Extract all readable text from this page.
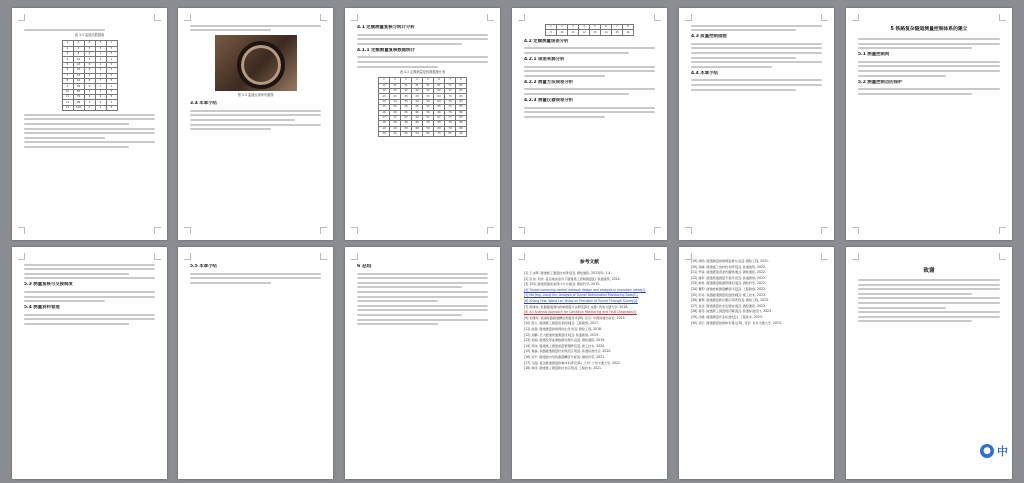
表 3.1 监测点数据表
1	0	6	3	1
2	3	5	5	3
3	6	4	1	5
4	10	1	2	1
5	18	8	1	3
6	25	3	7	1
7	33	4	4	5
8	44	8	7	3
9	59	9	1	3
10	68	1	1	3
11	79	4	9	5
12	89	3	4	3
13	100	4	1	5
图 3.3 监测点现场布置图
3.4 本章小结
4.1 定额测量复核与统计分析
4.1.1 定额测量复核数据统计
表 4.1 定额测量复核数据统计表
1	2	3	4	5	6	7	8
11	21	31	41	51	61	71	81
12	22	32	42	52	62	72	82
13	23	33	43	53	63	73	83
14	24	34	44	54	64	74	84
15	25	35	45	55	65	75	85
16	26	36	46	56	66	76	86
17	27	37	47	57	67	77	87
18	28	38	48	58	68	78	88
19	29	39	49	59	69	79	89
20	30	40	50	60	70	80	90
1	2	3	4	5	6	7	8
9	10	11	12	13	14	15	16
4.2 定额测量误差分析
4.2.1 误差来源分析
4.2.2 测量方法误差分析
4.2.3 测量仪器误差分析
4.3 质量控制措施
4.4 本章小结
5 铁路复杂隧道测量控制体系的建立
5.1 测量控制网
5.2 测量控制点的保护
5.3 测量复核与交接制度
5.4 测量资料管理
5.5 本章小结	6 总结
参考文献
[1] 王永辉. 隧道施工测量技术研究[J]. 测绘通报, 2012(5): 1-4.
[2] 张伟, 刘洋. 复杂地质条件下隧道施工控制测量[J]. 铁道建筑, 2014.
[3] 李明. 隧道贯通误差预计与分析[J]. 测绘科学, 2015.
[4] Tunnel surveying control network design and analysis in mountain areas[J].
[5] Ma Jing, Liang Xin. Analysis of Tunnel Deformation Monitoring Data[C].
[6] Zhang Hua, Wang Lei. Study on Precision of Tunnel Through Survey[J].
[7] 陈晓东. 铁路隧道洞内控制测量方法研究[D]. 成都: 西南交通大学, 2016.
[8] An Analysis Approach for Condition Monitoring and Fault Diagnosis[J].
[9] 刘建军. 高速铁路隧道精密测量技术[M]. 北京: 中国铁道出版社, 2013.
[10] 周立. 隧道施工测量误差控制[J]. 工程勘察, 2017.
[11] 赵强. 隧道测量控制网优化设计[J]. 测绘工程, 2018.
[12] 孙鹏. 长大隧道贯通测量技术[J]. 铁道勘察, 2019.
[13] 吴刚. 隧道变形监测数据处理方法[J]. 测绘通报, 2019.
[14] 郑伟. 隧道施工测量质量管理研究[J]. 施工技术, 2020.
[15] 黄磊. 铁路隧道测量技术规范应用[J]. 铁道标准设计, 2020.
[16] 何平. 隧道洞内导线测量精度分析[J]. 测绘科学, 2021.
[17] 马超. 复杂隧道测量控制体系研究[D]. 兰州: 兰州交通大学, 2021.
[18] 林涛. 隧道施工测量新技术应用[J]. 工程技术, 2021.
[19] 徐明. 隧道测量控制网复测方法[J]. 测绘工程, 2021.
[20] 高峰. 隧道施工放样技术研究[J]. 铁道建筑, 2022.
[21] 罗斌. 隧道测量误差传播规律[J]. 测绘通报, 2022.
[22] 谢军. 隧道贯通测量方案设计[J]. 铁道勘察, 2022.
[23] 韩雪. 隧道测量数据管理系统[J]. 测绘科学, 2022.
[24] 曹阳. 隧道控制测量精度评定[J]. 工程勘察, 2022.
[25] 彭亮. 铁路隧道测量质量控制[J]. 施工技术, 2023.
[26] 董辉. 隧道测量新仪器应用研究[J]. 测绘工程, 2023.
[27] 袁洁. 隧道测量技术发展综述[J]. 测绘通报, 2023.
[28] 蒋涛. 隧道施工测量规范解读[J]. 铁道标准设计, 2023.
[29] 沈峰. 隧道测量作业标准化[J]. 工程技术, 2023.
[30] 邓宇. 隧道测量控制体系建立[D]. 北京: 北京交通大学, 2023.
致谢
● 中
